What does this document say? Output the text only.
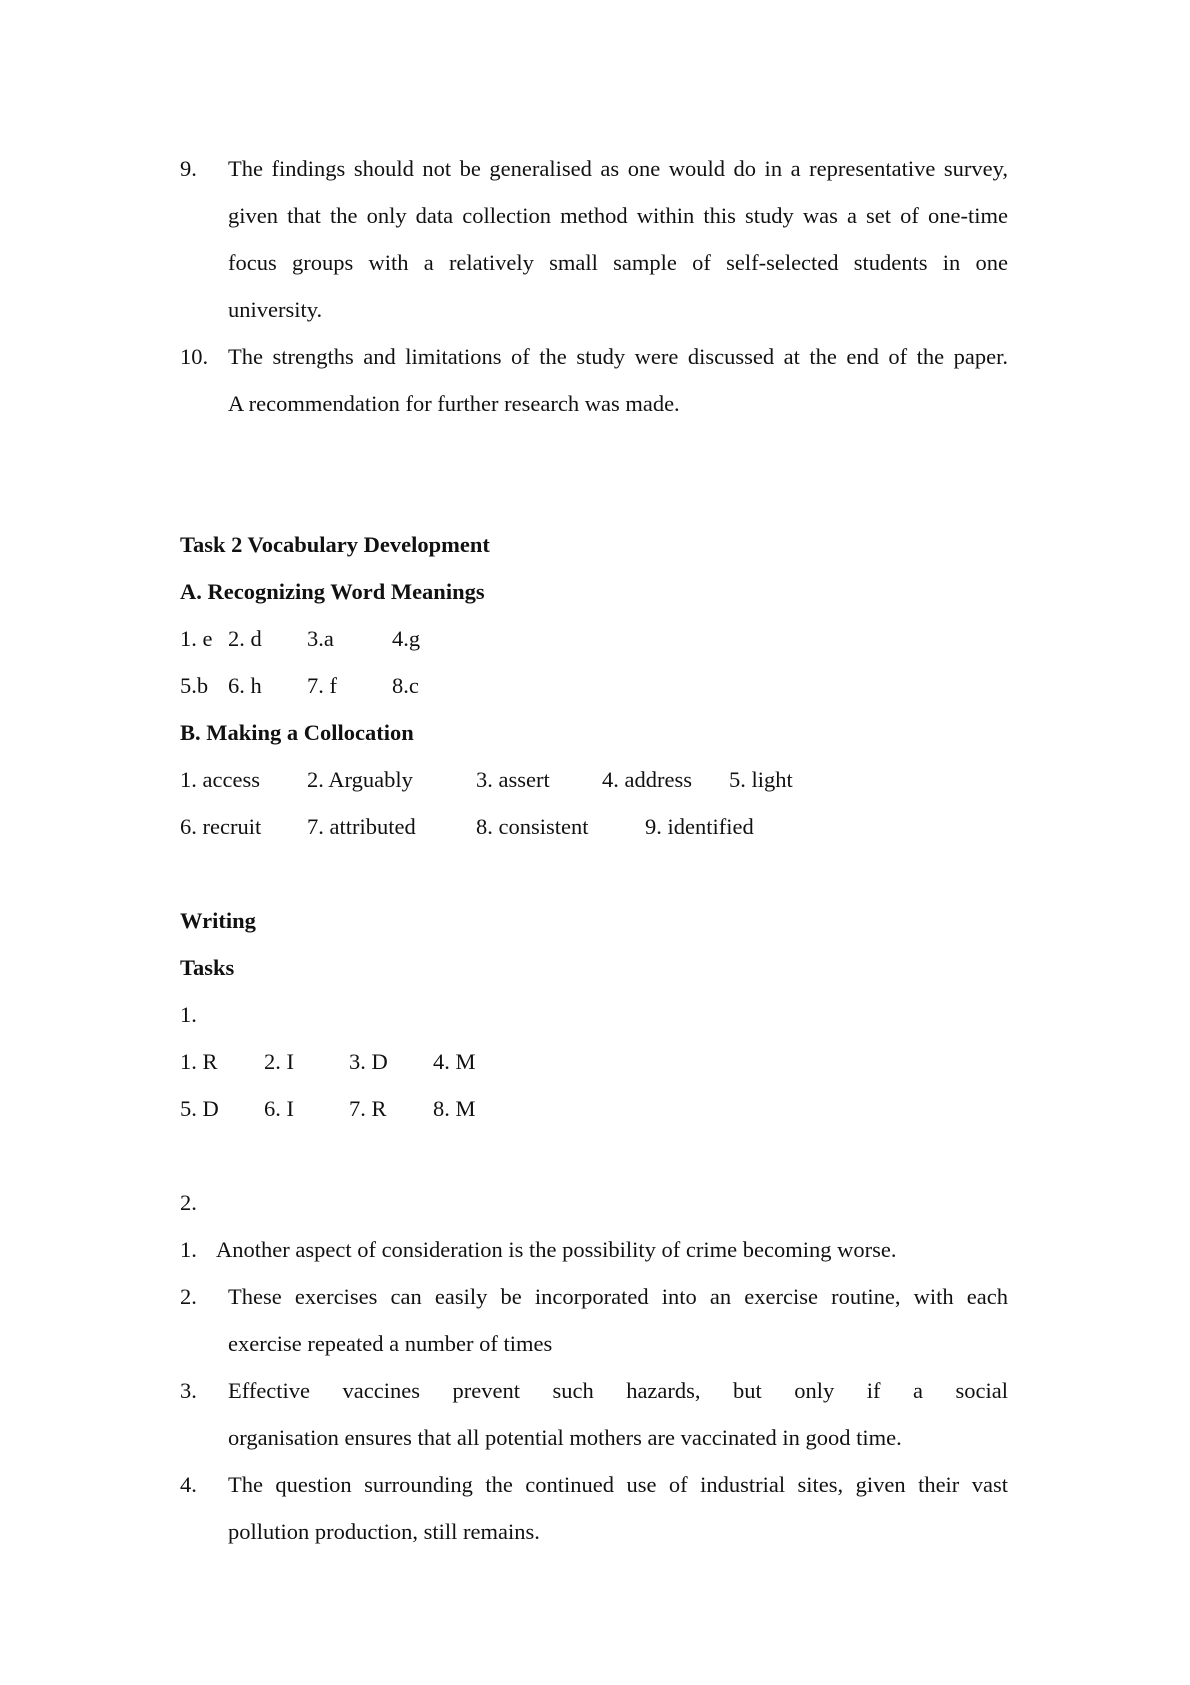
9. The findings should not be generalised as one would do in a representative survey,
given that the only data collection method within this study was a set of one-time
focus groups with a relatively small sample of self-selected students in one
university.
10. The strengths and limitations of the study were discussed at the end of the paper.
A recommendation for further research was made.
Task 2 Vocabulary Development
A. Recognizing Word Meanings
1. e 2. d 3.a	4.g
5.b 6. h 7. f 8.c
B. Making a Collocation
1. access 2. Arguably	3. assert 4. address 5. light
6. recruit 7. attributed	8. consistent	9. identified
Writing
Tasks
1.
1. R 2. I 3. D 4. M
5. D 6. I 7. R 8. M
2.
1. Another aspect of consideration is the possibility of crime becoming worse.
2. These exercises can easily be incorporated into an exercise routine, with each
exercise repeated a number of times
3. Effective vaccines prevent such hazards, but only if a social
organisation ensures that all potential mothers are vaccinated in good time.
4. The question surrounding the continued use of industrial sites, given their vast
pollution production, still remains.
